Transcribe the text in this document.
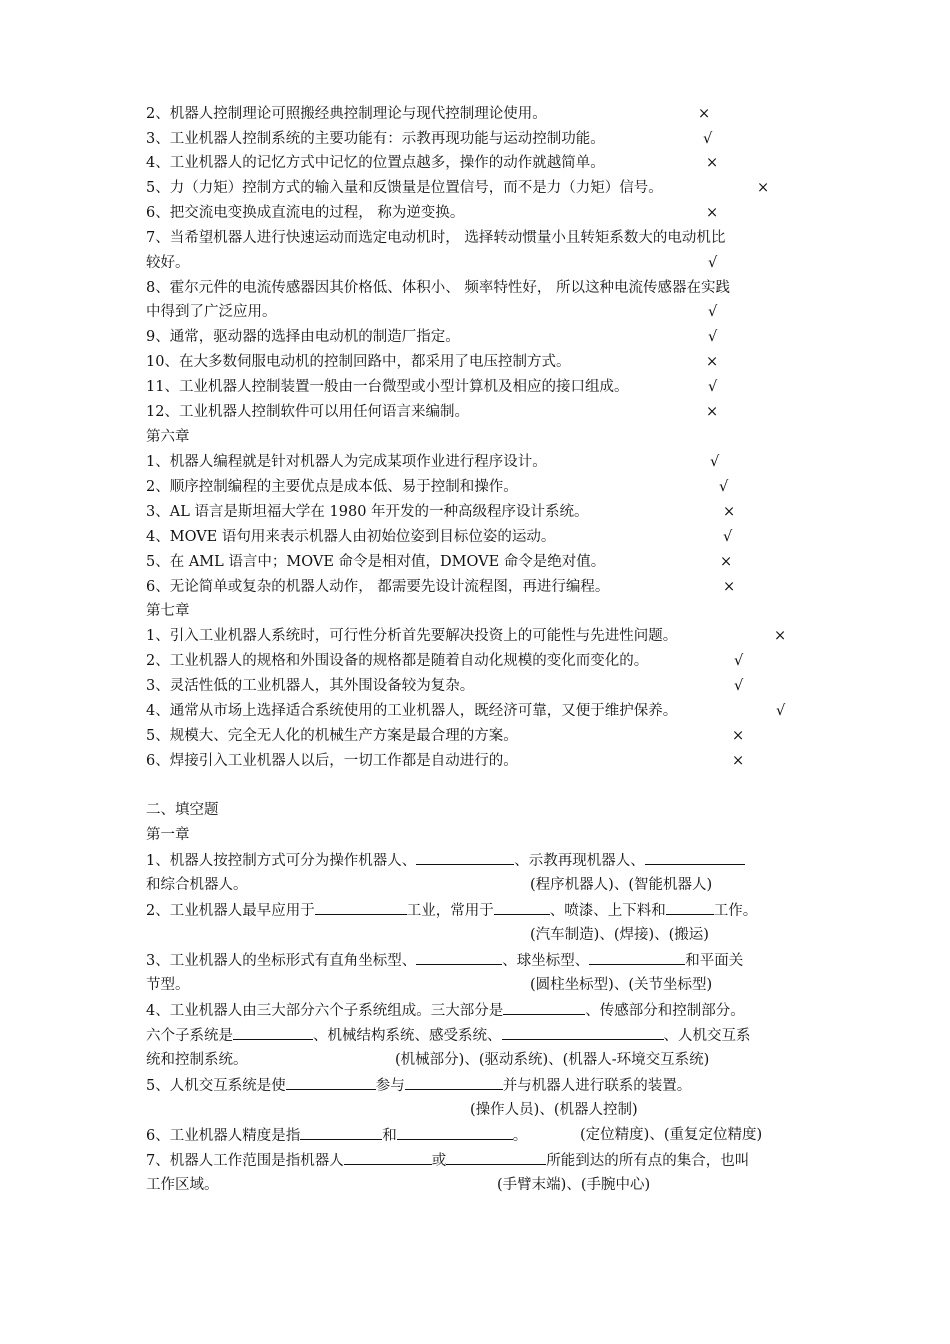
2、机器人控制理论可照搬经典控制理论与现代控制理论使用。	×
3、工业机器人控制系统的主要功能有：示教再现功能与运动控制功能。	√
4、工业机器人的记忆方式中记忆的位置点越多，操作的动作就越简单。	×
5、力（力矩）控制方式的输入量和反馈量是位置信号，而不是力（力矩）信号。	×
6、把交流电变换成直流电的过程， 称为逆变换。	×
7、当希望机器人进行快速运动而选定电动机时， 选择转动惯量小且转矩系数大的电动机比
较好。	√
8、霍尔元件的电流传感器因其价格低、体积小、 频率特性好， 所以这种电流传感器在实践
中得到了广泛应用。	√
9、通常，驱动器的选择由电动机的制造厂指定。	√
10、在大多数伺服电动机的控制回路中，都采用了电压控制方式。	×
11、工业机器人控制装置一般由一台微型或小型计算机及相应的接口组成。	√
12、工业机器人控制软件可以用任何语言来编制。	×
第六章
1、机器人编程就是针对机器人为完成某项作业进行程序设计。	√
2、顺序控制编程的主要优点是成本低、易于控制和操作。	√
3、AL 语言是斯坦福大学在 1980 年开发的一种高级程序设计系统。	×
4、MOVE 语句用来表示机器人由初始位姿到目标位姿的运动。	√
5、在 AML 语言中；MOVE 命令是相对值，DMOVE 命令是绝对值。	×
6、无论简单或复杂的机器人动作， 都需要先设计流程图，再进行编程。	×
第七章
1、引入工业机器人系统时，可行性分析首先要解决投资上的可能性与先进性问题。	×
2、工业机器人的规格和外围设备的规格都是随着自动化规模的变化而变化的。	√
3、灵活性低的工业机器人，其外围设备较为复杂。	√
4、通常从市场上选择适合系统使用的工业机器人，既经济可靠，又便于维护保养。	√
5、规模大、完全无人化的机械生产方案是最合理的方案。	×
6、焊接引入工业机器人以后，一切工作都是自动进行的。	×
二、填空题
第一章
1、机器人按控制方式可分为操作机器人、	、示教再现机器人、
和综合机器人。	(程序机器人)、(智能机器人)
2、工业机器人最早应用于	工业，常用于	、喷漆、上下料和	工作。
(汽车制造)、(焊接)、(搬运)
3、工业机器人的坐标形式有直角坐标型、	、球坐标型、	和平面关
节型。	(圆柱坐标型)、(关节坐标型)
4、工业机器人由三大部分六个子系统组成。三大部分是	、传感部分和控制部分。
六个子系统是	、机械结构系统、感受系统、	、人机交互系
统和控制系统。	(机械部分)、(驱动系统)、(机器人-环境交互系统)
5、人机交互系统是使	参与	并与机器人进行联系的装置。
(操作人员)、(机器人控制)
6、工业机器人精度是指	和	。	(定位精度)、(重复定位精度)
7、机器人工作范围是指机器人	或	所能到达的所有点的集合，也叫
工作区域。	(手臂末端)、(手腕中心)
